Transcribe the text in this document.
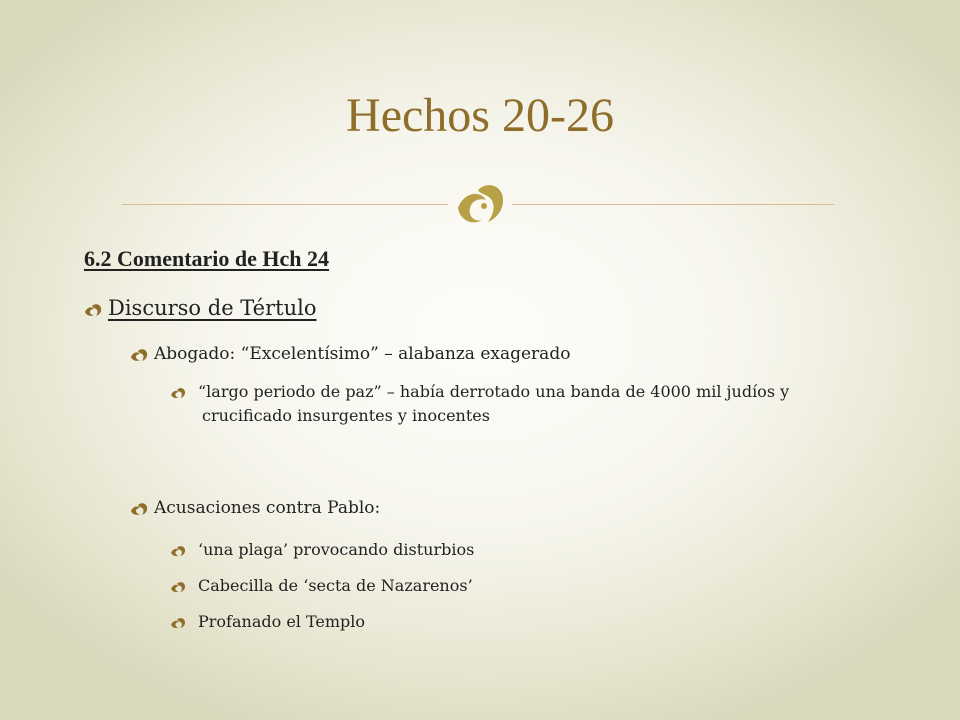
Hechos 20-26
6.2 Comentario de Hch 24
Discurso de Tértulo
Abogado: “Excelentísimo” – alabanza exagerado
“largo periodo de paz” – había derrotado una banda de 4000 mil judíos y crucificado insurgentes y inocentes
Acusaciones contra Pablo:
‘una plaga’ provocando disturbios
Cabecilla de ‘secta de Nazarenos’
Profanado el Templo
